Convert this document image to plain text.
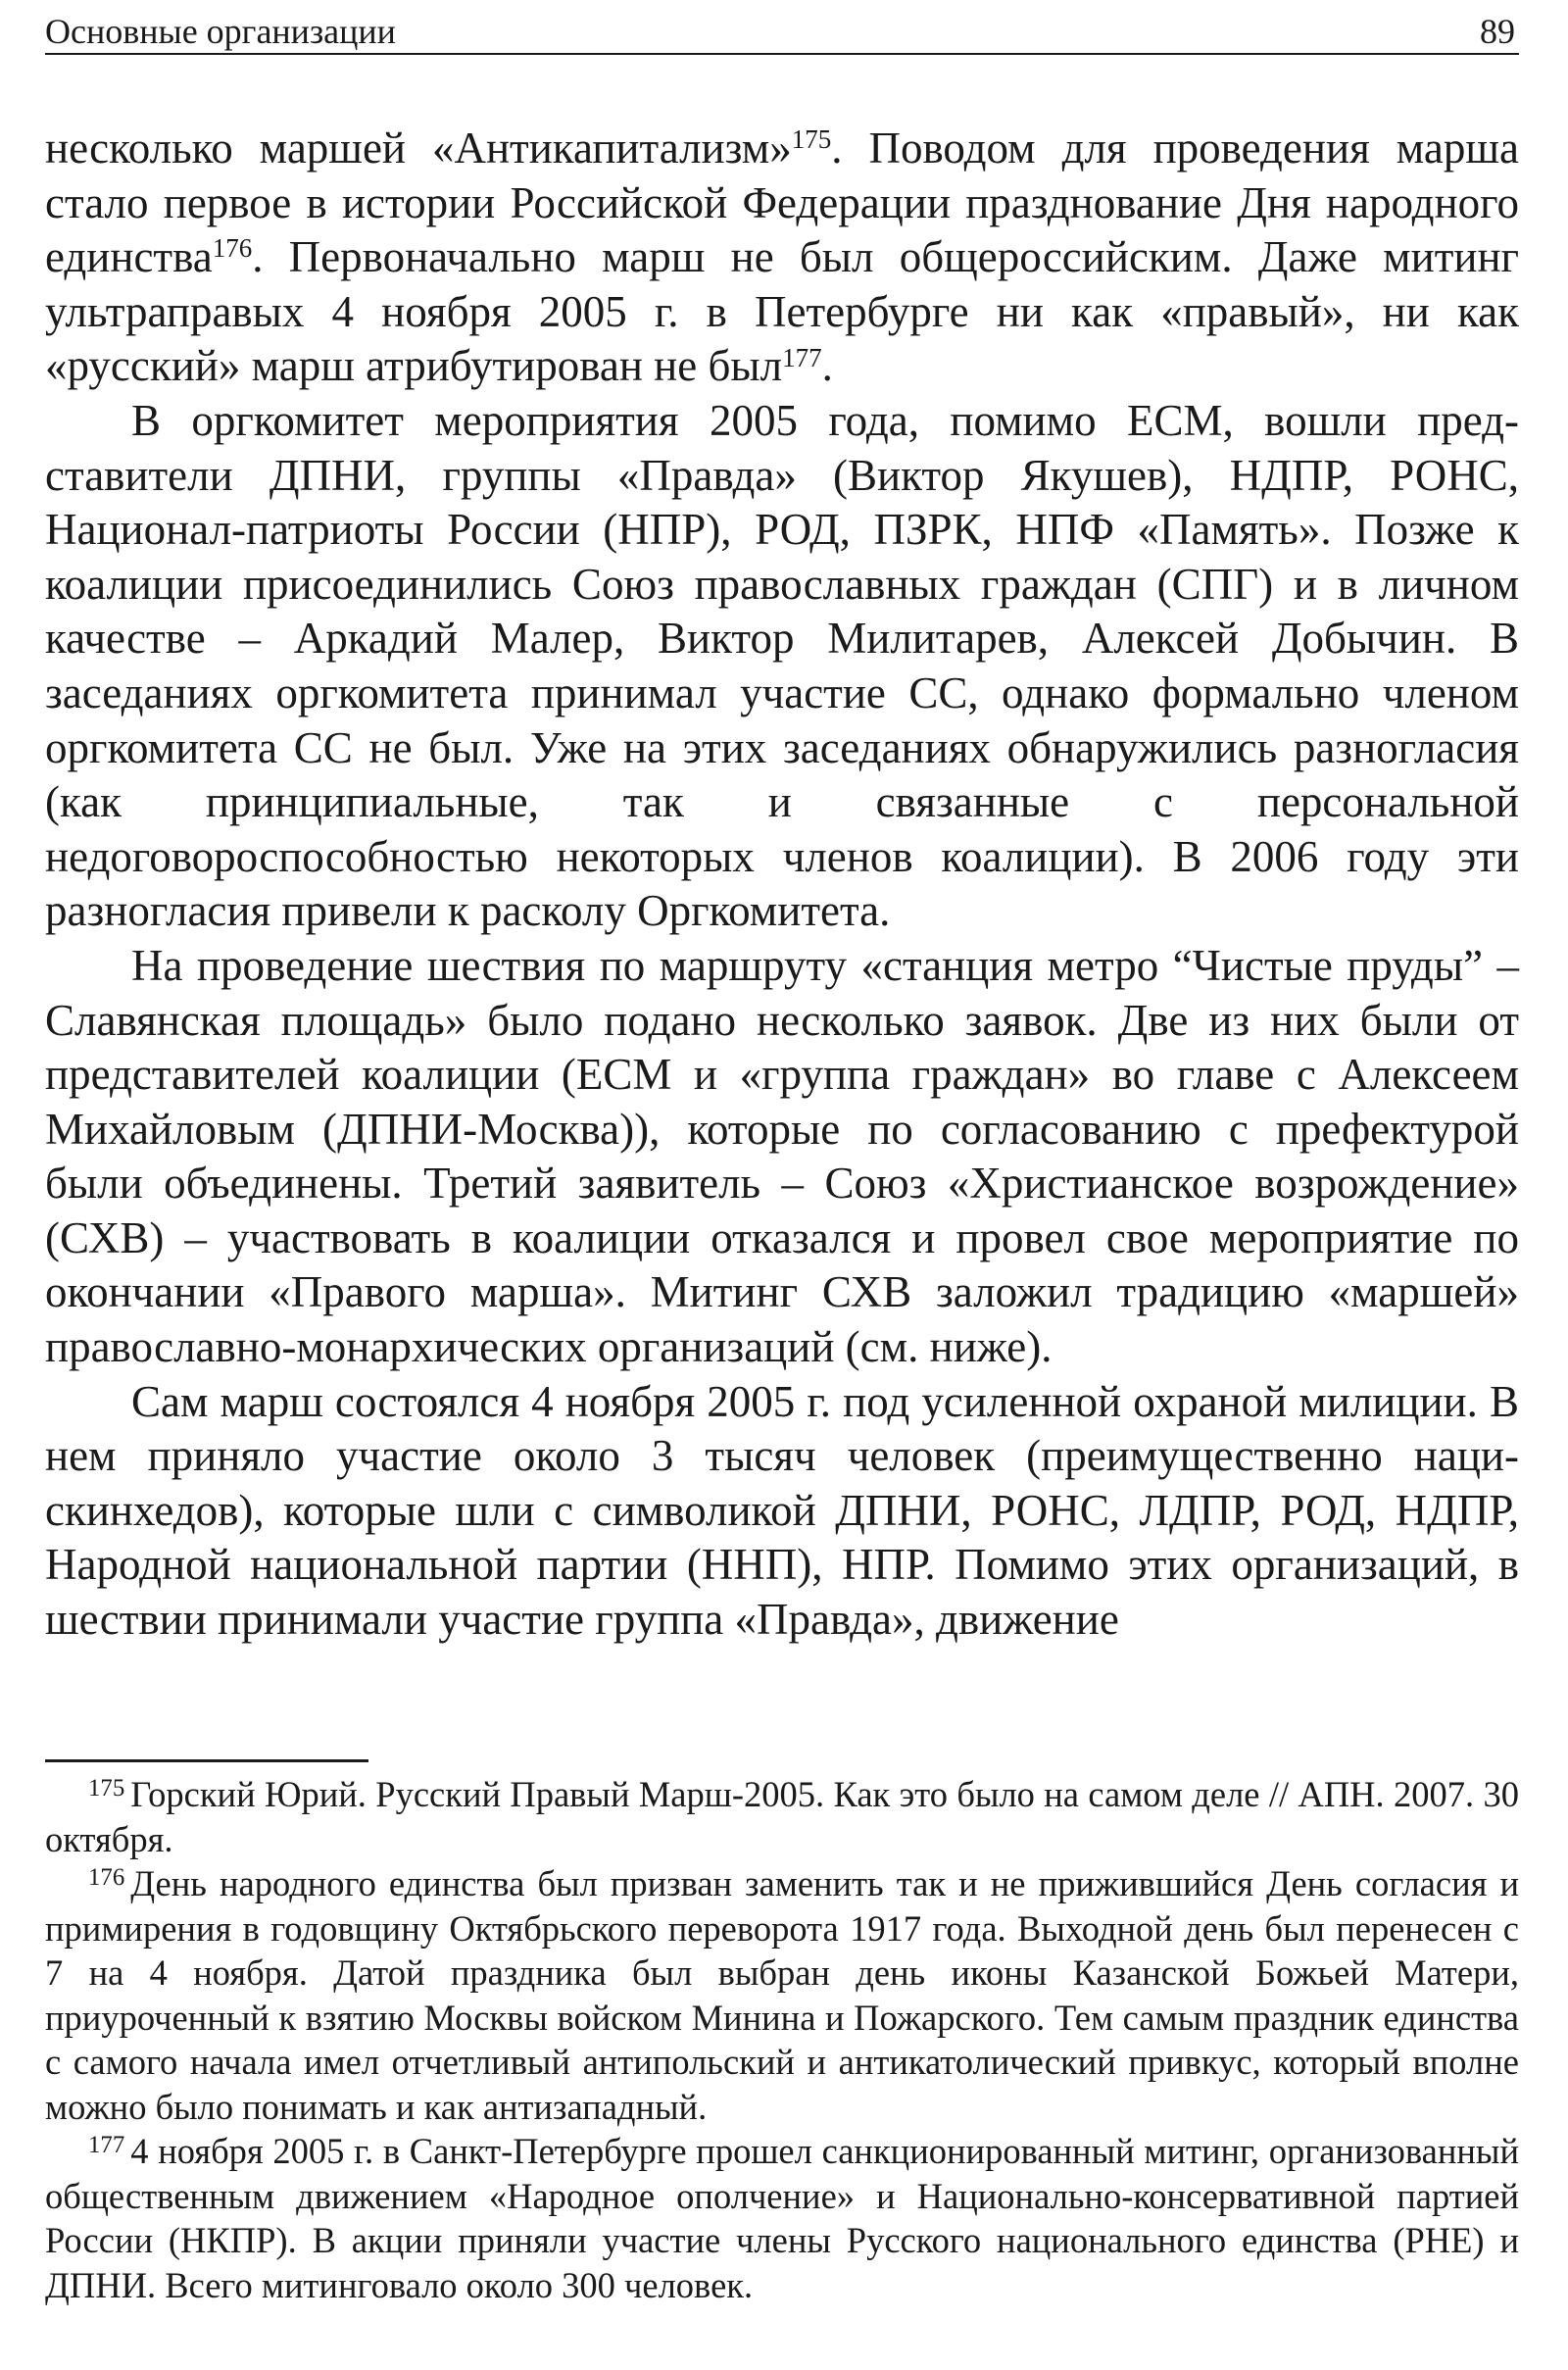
Основные организации	89

несколько маршей «Антикапитализм»$^{175}$. Поводом для проведения марша стало первое в истории Российской Федерации празднование Дня народного единства$^{176}$. Первоначально марш не был общероссийским. Даже митинг ультраправых 4 ноября 2005 г. в Петербурге ни как «правый», ни как «русский» марш атрибутирован не был$^{177}$.

В оргкомитет мероприятия 2005 года, помимо ЕСМ, вошли представители ДПНИ, группы «Правда» (Виктор Якушев), НДПР, РОНС, Национал-патриоты России (НПР), РОД, ПЗРК, НПФ «Память». Позже к коалиции присоединились Союз православных граждан (СПГ) и в личном качестве – Аркадий Малер, Виктор Милитарев, Алексей Добычин. В заседаниях оргкомитета принимал участие СС, однако формально членом оргкомитета СС не был. Уже на этих заседаниях обнаружились разногласия (как принципиальные, так и связанные с персональной недоговороспособностью некоторых членов коалиции). В 2006 году эти разногласия привели к расколу Оргкомитета.

На проведение шествия по маршруту «станция метро “Чистые пруды” – Славянская площадь» было подано несколько заявок. Две из них были от представителей коалиции (ЕСМ и «группа граждан» во главе с Алексеем Михайловым (ДПНИ-Москва)), которые по согласованию с префектурой были объединены. Третий заявитель – Союз «Христианское возрождение» (СХВ) – участвовать в коалиции отказался и провел свое мероприятие по окончании «Правого марша». Митинг СХВ заложил традицию «маршей» православно-монархических организаций (см. ниже).

Сам марш состоялся 4 ноября 2005 г. под усиленной охраной милиции. В нем приняло участие около 3 тысяч человек (преимущественно наци-скинхедов), которые шли с символикой ДПНИ, РОНС, ЛДПР, РОД, НДПР, Народной национальной партии (ННП), НПР. Помимо этих организаций, в шествии принимали участие группа «Правда», движение

$^{175}$ Горский Юрий. Русский Правый Марш-2005. Как это было на самом деле // АПН. 2007. 30 октября.

$^{176}$ День народного единства был призван заменить так и не прижившийся День согласия и примирения в годовщину Октябрьского переворота 1917 года. Выходной день был перенесен с 7 на 4 ноября. Датой праздника был выбран день иконы Казанской Божьей Матери, приуроченный к взятию Москвы войском Минина и Пожарского. Тем самым праздник единства с самого начала имел отчетливый антипольский и антикатолический привкус, который вполне можно было понимать и как антизападный.

$^{177}$ 4 ноября 2005 г. в Санкт-Петербурге прошел санкционированный митинг, организованный общественным движением «Народное ополчение» и Национально-консервативной партией России (НКПР). В акции приняли участие члены Русского национального единства (РНЕ) и ДПНИ. Всего митинговало около 300 человек.
